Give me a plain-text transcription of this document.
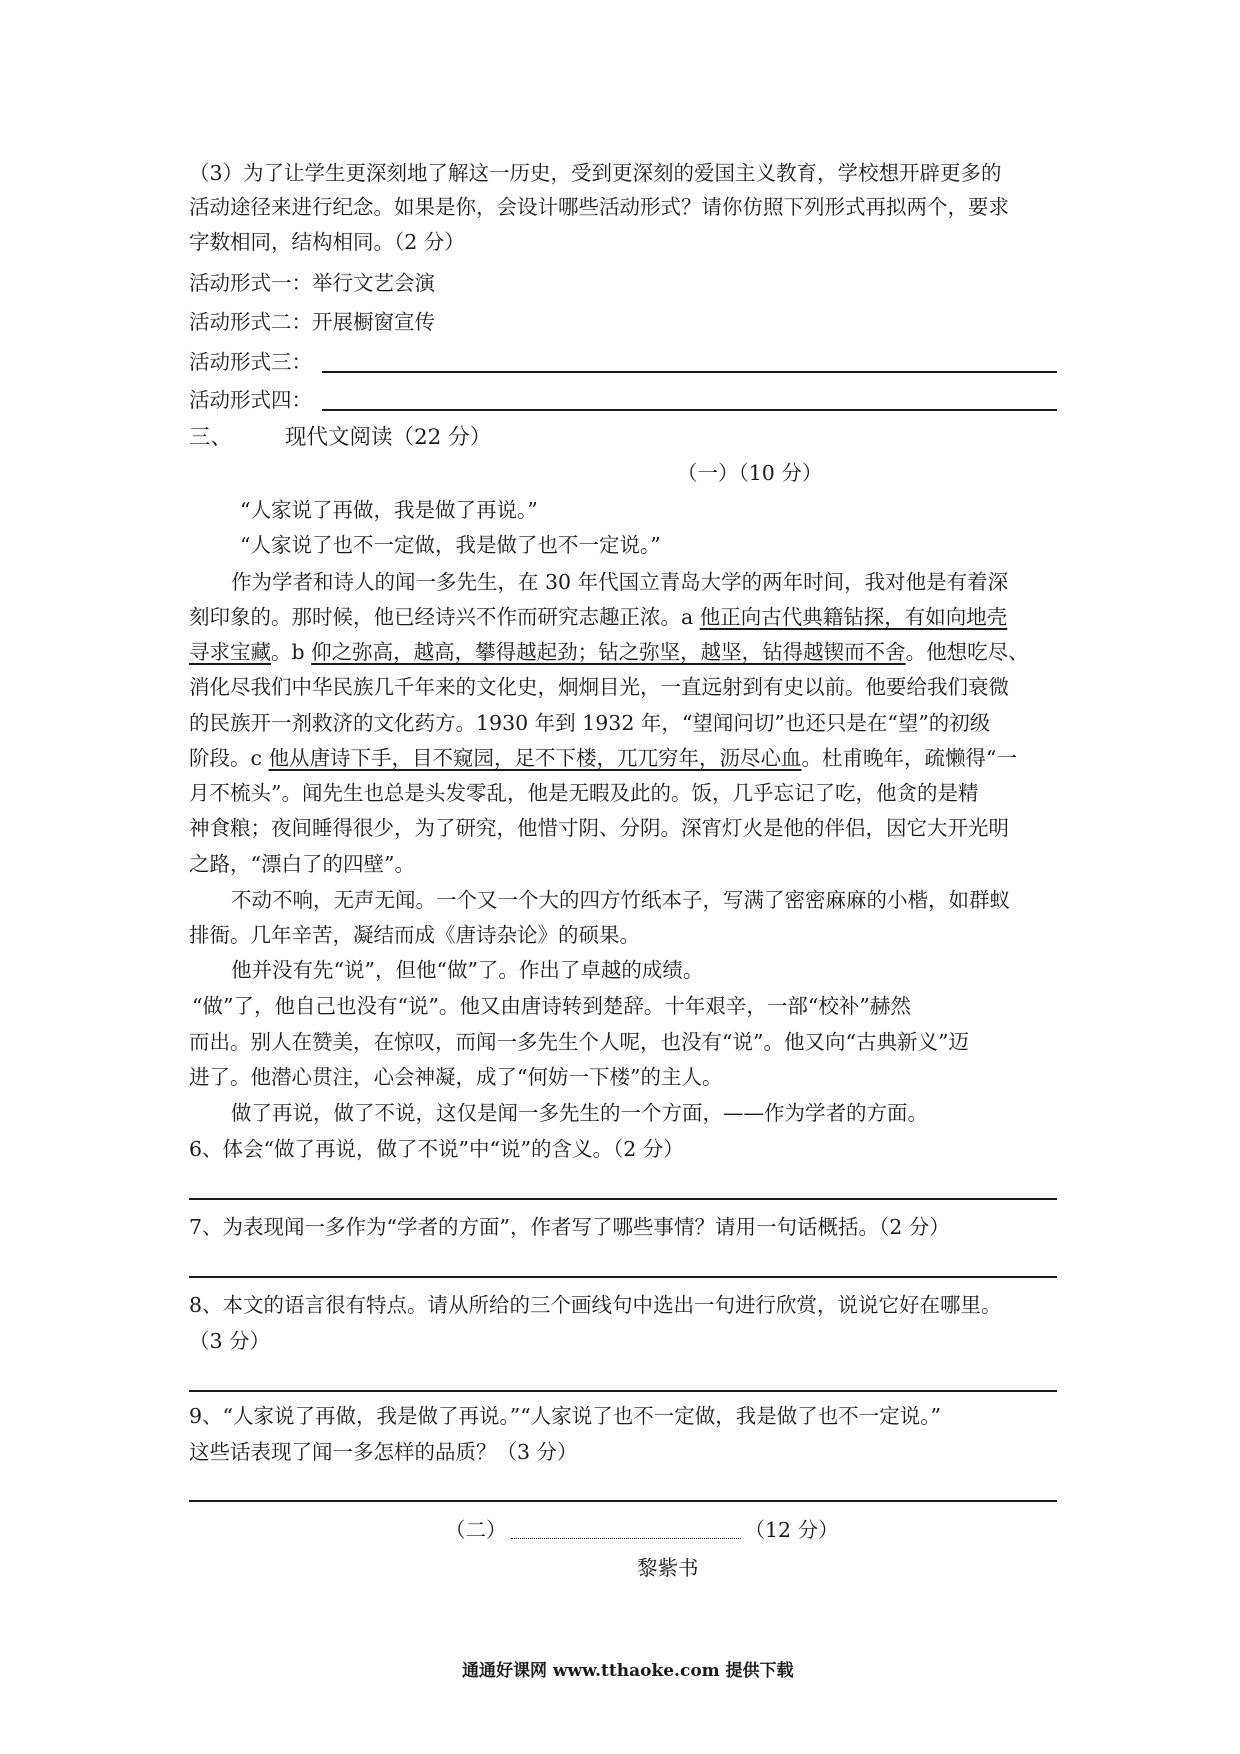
（3）为了让学生更深刻地了解这一历史，受到更深刻的爱国主义教育，学校想开辟更多的
活动途径来进行纪念。如果是你，会设计哪些活动形式？请你仿照下列形式再拟两个，要求
字数相同，结构相同。（2 分）
活动形式一：举行文艺会演
活动形式二：开展橱窗宣传
活动形式三：
活动形式四：
三、 现代文阅读（22 分）
（一）（10 分）
“人家说了再做，我是做了再说。”
“人家说了也不一定做，我是做了也不一定说。”
作为学者和诗人的闻一多先生，在 30 年代国立青岛大学的两年时间，我对他是有着深
刻印象的。那时候，他已经诗兴不作而研究志趣正浓。a 他正向古代典籍钻探，有如向地壳
寻求宝藏。b 仰之弥高，越高，攀得越起劲；钻之弥坚，越坚，钻得越锲而不舍。他想吃尽、
消化尽我们中华民族几千年来的文化史，炯炯目光，一直远射到有史以前。他要给我们衰微
的民族开一剂救济的文化药方。1930 年到 1932 年，“望闻问切”也还只是在“望”的初级
阶段。c 他从唐诗下手，目不窥园，足不下楼，兀兀穷年，沥尽心血。杜甫晚年，疏懒得“一
月不梳头”。闻先生也总是头发零乱，他是无暇及此的。饭，几乎忘记了吃，他贪的是精
神食粮；夜间睡得很少，为了研究，他惜寸阴、分阴。深宵灯火是他的伴侣，因它大开光明
之路，“漂白了的四壁”。
不动不响，无声无闻。一个又一个大的四方竹纸本子，写满了密密麻麻的小楷，如群蚁
排衙。几年辛苦，凝结而成《唐诗杂论》的硕果。
他并没有先“说”，但他“做”了。作出了卓越的成绩。
“做”了，他自己也没有“说”。他又由唐诗转到楚辞。十年艰辛，一部“校补”赫然
而出。别人在赞美，在惊叹，而闻一多先生个人呢，也没有“说”。他又向“古典新义”迈
进了。他潜心贯注，心会神凝，成了“何妨一下楼”的主人。
做了再说，做了不说，这仅是闻一多先生的一个方面，——作为学者的方面。
6、体会“做了再说，做了不说”中“说”的含义。（2 分）
7、为表现闻一多作为“学者的方面”，作者写了哪些事情？请用一句话概括。（2 分）
8、本文的语言很有特点。请从所给的三个画线句中选出一句进行欣赏，说说它好在哪里。
（3 分）
9、“人家说了再做，我是做了再说。”“人家说了也不一定做，我是做了也不一定说。”
这些话表现了闻一多怎样的品质？（3 分）
（二）	（12 分）
黎紫书
通通好课网 www.tthaoke.com 提供下载
